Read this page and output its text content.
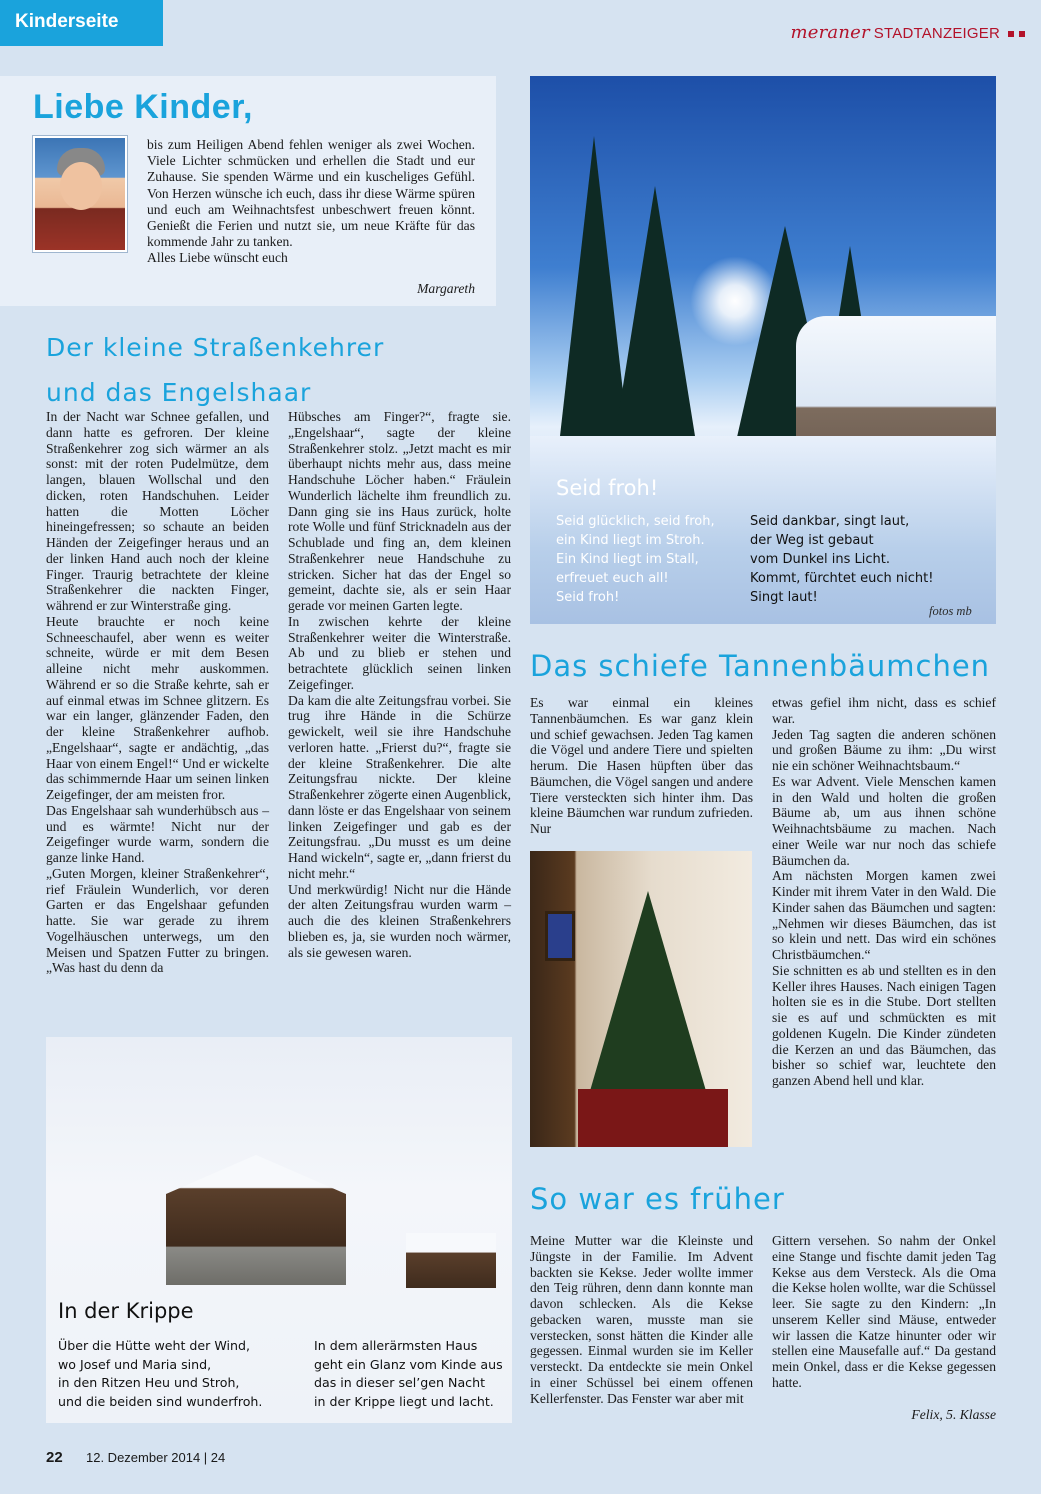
Kinderseite
meraner STADTANZEIGER
Liebe Kinder,

bis zum Heiligen Abend fehlen weniger als zwei Wochen. Viele Lichter schmücken und erhellen die Stadt und eur Zuhause. Sie spenden Wärme und ein kuscheliges Gefühl. Von Herzen wünsche ich euch, dass ihr diese Wärme spüren und euch am Weihnachtsfest unbeschwert freuen könnt. Genießt die Ferien und nutzt sie, um neue Kräfte für das kommende Jahr zu tanken.

Alles Liebe wünscht euch

Margareth
Der kleine Straßenkehrer
und das Engelshaar

In der Nacht war Schnee gefallen, und dann hatte es gefroren. Der kleine Straßenkehrer zog sich wärmer an als sonst: mit der roten Pudelmütze, dem langen, blauen Wollschal und den dicken, roten Handschuhen. Leider hatten die Motten Löcher hineingefressen; so schaute an beiden Händen der Zeigefinger heraus und an der linken Hand auch noch der kleine Finger. Traurig betrachtete der kleine Straßenkehrer die nackten Finger, während er zur Winterstraße ging.

Heute brauchte er noch keine Schneeschaufel, aber wenn es weiter schneite, würde er mit dem Besen alleine nicht mehr auskommen. Während er so die Straße kehrte, sah er auf einmal etwas im Schnee glitzern. Es war ein langer, glänzender Faden, den der kleine Straßenkehrer aufhob. „Engelshaar“, sagte er andächtig, „das Haar von einem Engel!“ Und er wickelte das schimmernde Haar um seinen linken Zeigefinger, der am meisten fror.

Das Engelshaar sah wunderhübsch aus – und es wärmte! Nicht nur der Zeigefinger wurde warm, sondern die ganze linke Hand.

„Guten Morgen, kleiner Straßenkehrer“, rief Fräulein Wunderlich, vor deren Garten er das Engelshaar gefunden hatte. Sie war gerade zu ihrem Vogelhäuschen unterwegs, um den Meisen und Spatzen Futter zu bringen. „Was hast du denn da

Hübsches am Finger?“, fragte sie. „Engelshaar“, sagte der kleine Straßenkehrer stolz. „Jetzt macht es mir überhaupt nichts mehr aus, dass meine Handschuhe Löcher haben.“ Fräulein Wunderlich lächelte ihm freundlich zu. Dann ging sie ins Haus zurück, holte rote Wolle und fünf Stricknadeln aus der Schublade und fing an, dem kleinen Straßenkehrer neue Handschuhe zu stricken. Sicher hat das der Engel so gemeint, dachte sie, als er sein Haar gerade vor meinen Garten legte.

In zwischen kehrte der kleine Straßenkehrer weiter die Winterstraße. Ab und zu blieb er stehen und betrachtete glücklich seinen linken Zeigefinger.

Da kam die alte Zeitungsfrau vorbei. Sie trug ihre Hände in die Schürze gewickelt, weil sie ihre Handschuhe verloren hatte. „Frierst du?“, fragte sie der kleine Straßenkehrer. Die alte Zeitungsfrau nickte. Der kleine Straßenkehrer zögerte einen Augenblick, dann löste er das Engelshaar von seinem linken Zeigefinger und gab es der Zeitungsfrau. „Du musst es um deine Hand wickeln“, sagte er, „dann frierst du nicht mehr.“

Und merkwürdig! Nicht nur die Hände der alten Zeitungsfrau wurden warm – auch die des kleinen Straßenkehrers blieben es, ja, sie wurden noch wärmer, als sie gewesen waren.

Seid froh!
Seid glücklich, seid froh,
ein Kind liegt im Stroh.
Ein Kind liegt im Stall,
erfreuet euch all!
Seid froh!
Seid dankbar, singt laut,
der Weg ist gebaut
vom Dunkel ins Licht.
Kommt, fürchtet euch nicht!
Singt laut!
fotos mb
Das schiefe Tannenbäumchen

Es war einmal ein kleines Tannenbäumchen. Es war ganz klein und schief gewachsen. Jeden Tag kamen die Vögel und andere Tiere und spielten herum. Die Hasen hüpften über das Bäumchen, die Vögel sangen und andere Tiere versteckten sich hinter ihm. Das kleine Bäumchen war rundum zufrieden. Nur

etwas gefiel ihm nicht, dass es schief war.

Jeden Tag sagten die anderen schönen und großen Bäume zu ihm: „Du wirst nie ein schöner Weihnachtsbaum.“

Es war Advent. Viele Menschen kamen in den Wald und holten die großen Bäume ab, um aus ihnen schöne Weihnachtsbäume zu machen. Nach einer Weile war nur noch das schiefe Bäumchen da.

Am nächsten Morgen kamen zwei Kinder mit ihrem Vater in den Wald. Die Kinder sahen das Bäumchen und sagten: „Nehmen wir dieses Bäumchen, das ist so klein und nett. Das wird ein schönes Christbäumchen.“

Sie schnitten es ab und stellten es in den Keller ihres Hauses. Nach einigen Tagen holten sie es in die Stube. Dort stellten sie es auf und schmückten es mit goldenen Kugeln. Die Kinder zündeten die Kerzen an und das Bäumchen, das bisher so schief war, leuchtete den ganzen Abend hell und klar.

In der Krippe
Über die Hütte weht der Wind,
wo Josef und Maria sind,
in den Ritzen Heu und Stroh,
und die beiden sind wunderfroh.
In dem allerärmsten Haus
geht ein Glanz vom Kinde aus
das in dieser sel’gen Nacht
in der Krippe liegt und lacht.
So war es früher

Meine Mutter war die Kleinste und Jüngste in der Familie. Im Advent backten sie Kekse. Jeder wollte immer den Teig rühren, denn dann konnte man davon schlecken. Als die Kekse gebacken waren, musste man sie verstecken, sonst hätten die Kinder alle gegessen. Einmal wurden sie im Keller versteckt. Da entdeckte sie mein Onkel in einer Schüssel bei einem offenen Kellerfenster. Das Fenster war aber mit

Gittern versehen. So nahm der Onkel eine Stange und fischte damit jeden Tag Kekse aus dem Versteck. Als die Oma die Kekse holen wollte, war die Schüssel leer. Sie sagte zu den Kindern: „In unserem Keller sind Mäuse, entweder wir lassen die Katze hinunter oder wir stellen eine Mausefalle auf.“ Da gestand mein Onkel, dass er die Kekse gegessen hatte.

Felix, 5. Klasse
22 12. Dezember 2014 | 24
